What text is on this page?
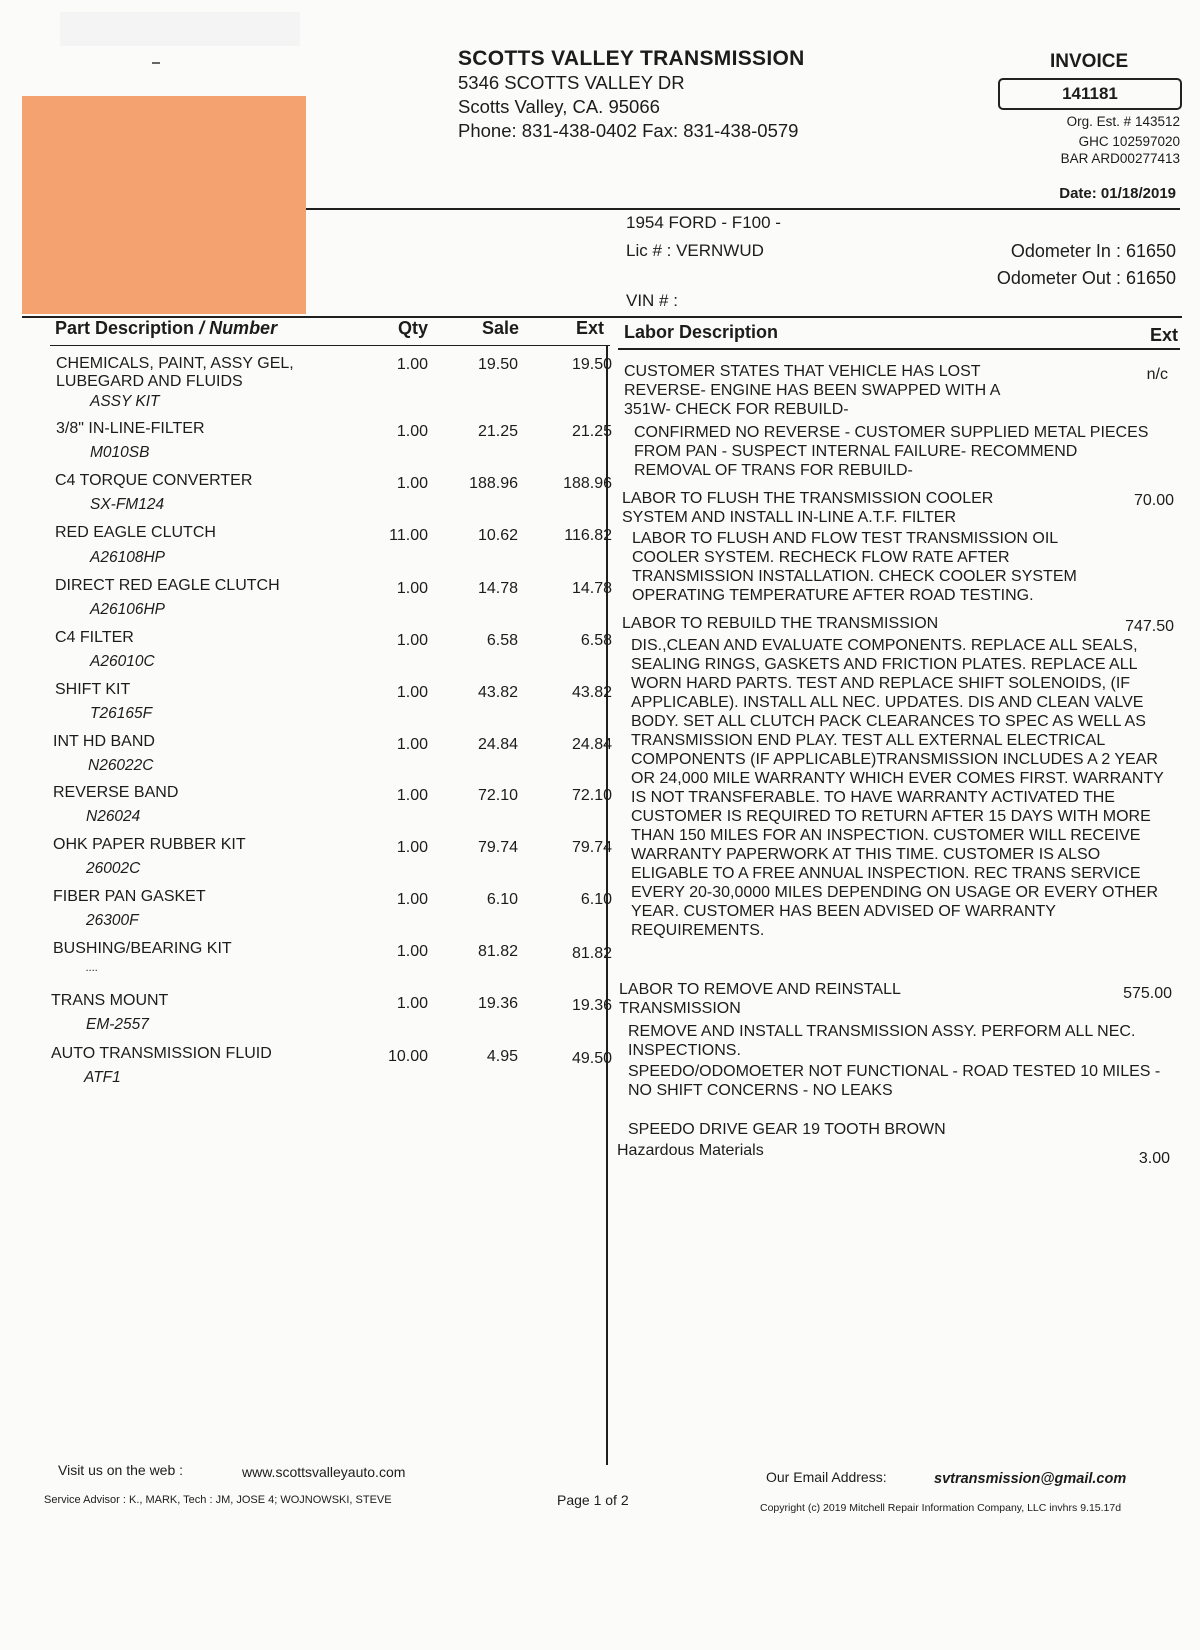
SCOTTS VALLEY TRANSMISSION
5346 SCOTTS VALLEY DR
Scotts Valley, CA. 95066
Phone: 831-438-0402 Fax: 831-438-0579
INVOICE
141181
Org. Est. # 143512
GHC 102597020
BAR ARD00277413
Date: 01/18/2019
1954 FORD - F100 -
Lic # : VERNWUD
VIN # :
Odometer In : 61650
Odometer Out : 61650
Part Description / Number	Qty	Sale	Ext Labor Description	Ext
CHEMICALS, PAINT, ASSY GEL, LUBEGARD AND FLUIDS
ASSY KIT
1.00	19.50	19.50
3/8" IN-LINE-FILTER
M010SB
1.00	21.25	21.25
C4 TORQUE CONVERTER
SX-FM124
1.00	188.96	188.96
RED EAGLE CLUTCH
A26108HP
11.00	10.62	116.82
DIRECT RED EAGLE CLUTCH
A26106HP
1.00	14.78	14.78
C4 FILTER
A26010C
1.00	6.58	6.58
SHIFT KIT
T26165F
1.00	43.82	43.82
INT HD BAND
N26022C
1.00	24.84	24.84
REVERSE BAND
N26024
1.00	72.10	72.10
OHK PAPER RUBBER KIT
26002C
1.00	79.74	79.74
FIBER PAN GASKET
26300F
1.00	6.10	6.10
BUSHING/BEARING KIT
....
1.00	81.82	81.82
TRANS MOUNT
EM-2557
1.00	19.36	19.36
AUTO TRANSMISSION FLUID
ATF1
10.00	4.95	49.50
CUSTOMER STATES THAT VEHICLE HAS LOST REVERSE- ENGINE HAS BEEN SWAPPED WITH A 351W- CHECK FOR REBUILD-
CONFIRMED NO REVERSE - CUSTOMER SUPPLIED METAL PIECES FROM PAN - SUSPECT INTERNAL FAILURE- RECOMMEND REMOVAL OF TRANS FOR REBUILD-
n/c
LABOR TO FLUSH THE TRANSMISSION COOLER SYSTEM AND INSTALL IN-LINE A.T.F. FILTER
LABOR TO FLUSH AND FLOW TEST TRANSMISSION OIL COOLER SYSTEM. RECHECK FLOW RATE AFTER TRANSMISSION INSTALLATION. CHECK COOLER SYSTEM OPERATING TEMPERATURE AFTER ROAD TESTING.
70.00
LABOR TO REBUILD THE TRANSMISSION
DIS.,CLEAN AND EVALUATE COMPONENTS. REPLACE ALL SEALS, SEALING RINGS, GASKETS AND FRICTION PLATES. REPLACE ALL WORN HARD PARTS. TEST AND REPLACE SHIFT SOLENOIDS, (IF APPLICABLE). INSTALL ALL NEC. UPDATES. DIS AND CLEAN VALVE BODY. SET ALL CLUTCH PACK CLEARANCES TO SPEC AS WELL AS TRANSMISSION END PLAY. TEST ALL EXTERNAL ELECTRICAL COMPONENTS (IF APPLICABLE)TRANSMISSION INCLUDES A 2 YEAR OR 24,000 MILE WARRANTY WHICH EVER COMES FIRST. WARRANTY IS NOT TRANSFERABLE. TO HAVE WARRANTY ACTIVATED THE CUSTOMER IS REQUIRED TO RETURN AFTER 15 DAYS WITH MORE THAN 150 MILES FOR AN INSPECTION. CUSTOMER WILL RECEIVE WARRANTY PAPERWORK AT THIS TIME. CUSTOMER IS ALSO ELIGABLE TO A FREE ANNUAL INSPECTION. REC TRANS SERVICE EVERY 20-30,0000 MILES DEPENDING ON USAGE OR EVERY OTHER YEAR. CUSTOMER HAS BEEN ADVISED OF WARRANTY REQUIREMENTS.
747.50
LABOR TO REMOVE AND REINSTALL TRANSMISSION
REMOVE AND INSTALL TRANSMISSION ASSY. PERFORM ALL NEC. INSPECTIONS.
SPEEDO/ODOMOETER NOT FUNCTIONAL - ROAD TESTED 10 MILES - NO SHIFT CONCERNS - NO LEAKS
575.00
SPEEDO DRIVE GEAR 19 TOOTH BROWN
Hazardous Materials	3.00
Visit us on the web :	www.scottsvalleyauto.com
Service Advisor : K., MARK, Tech : JM, JOSE 4; WOJNOWSKI, STEVE	Page 1 of 2
Our Email Address:	svtransmission@gmail.com
Copyright (c) 2019 Mitchell Repair Information Company, LLC invhrs 9.15.17d
